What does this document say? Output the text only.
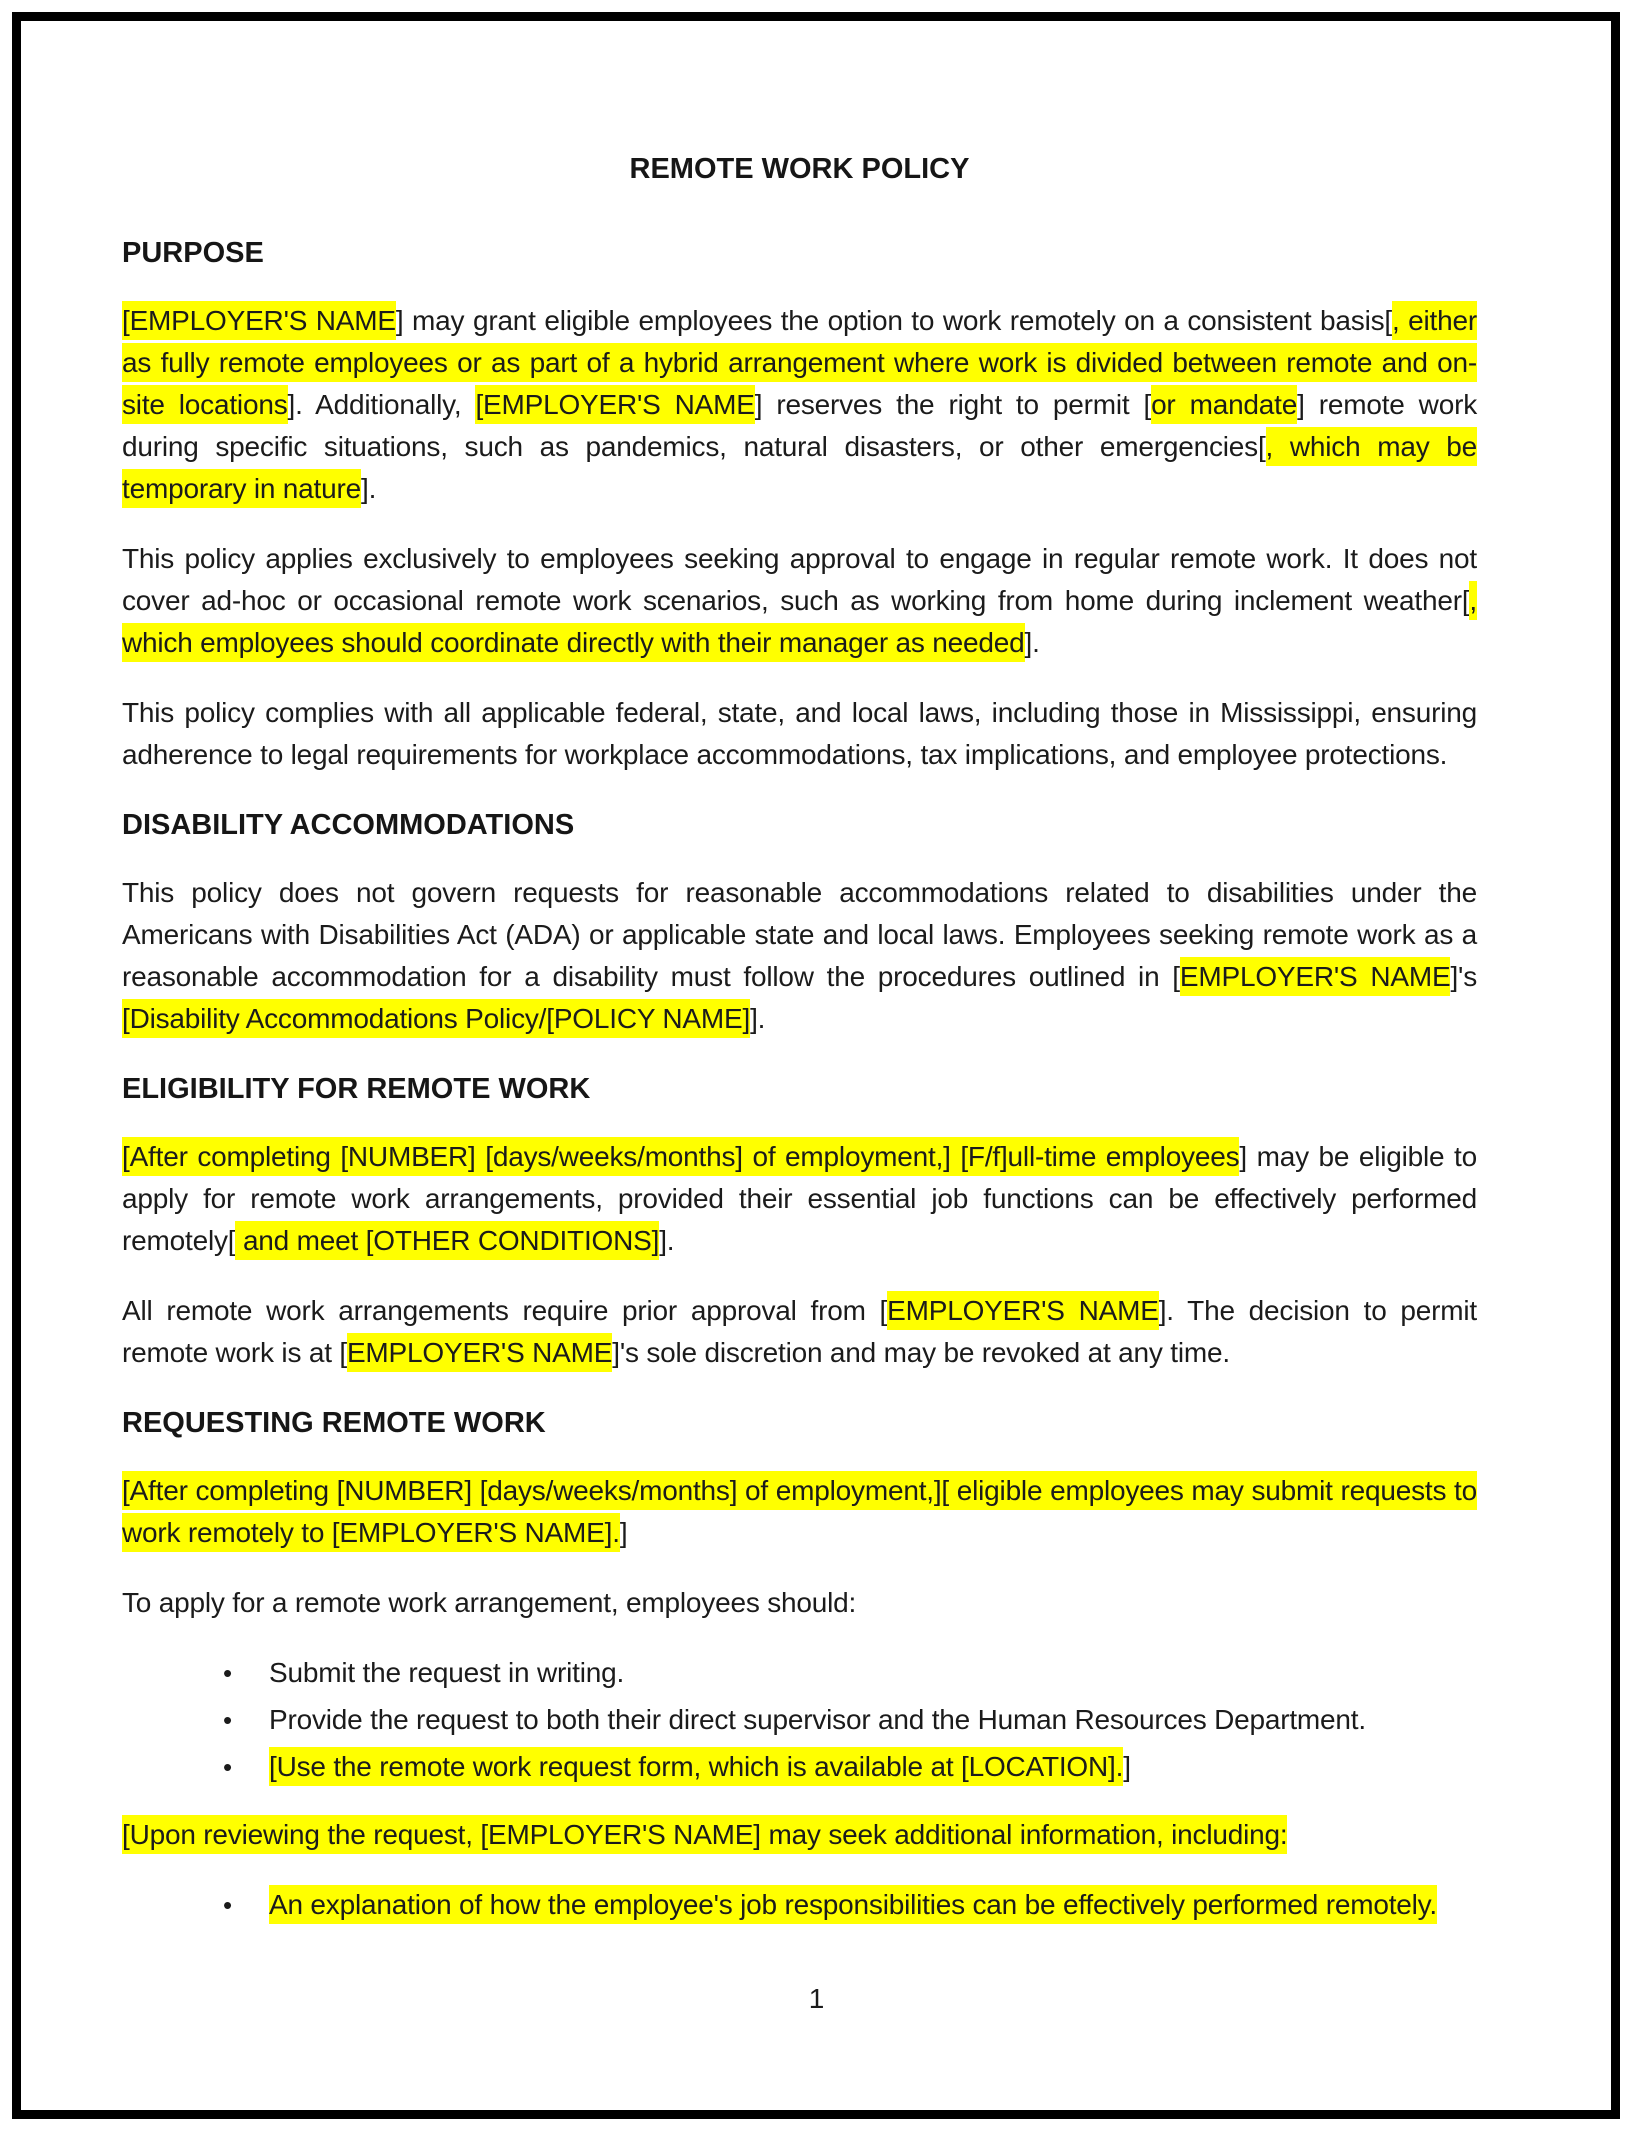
REMOTE WORK POLICY
PURPOSE
[EMPLOYER'S NAME] may grant eligible employees the option to work remotely on a consistent basis[, either as fully remote employees or as part of a hybrid arrangement where work is divided between remote and on-site locations]. Additionally, [EMPLOYER'S NAME] reserves the right to permit [or mandate] remote work during specific situations, such as pandemics, natural disasters, or other emergencies[, which may be temporary in nature].
This policy applies exclusively to employees seeking approval to engage in regular remote work. It does not cover ad-hoc or occasional remote work scenarios, such as working from home during inclement weather[, which employees should coordinate directly with their manager as needed].
This policy complies with all applicable federal, state, and local laws, including those in Mississippi, ensuring adherence to legal requirements for workplace accommodations, tax implications, and employee protections.
DISABILITY ACCOMMODATIONS
This policy does not govern requests for reasonable accommodations related to disabilities under the Americans with Disabilities Act (ADA) or applicable state and local laws. Employees seeking remote work as a reasonable accommodation for a disability must follow the procedures outlined in [EMPLOYER'S NAME]'s [Disability Accommodations Policy/[POLICY NAME]].
ELIGIBILITY FOR REMOTE WORK
[After completing [NUMBER] [days/weeks/months] of employment,] [F/f]ull-time employees] may be eligible to apply for remote work arrangements, provided their essential job functions can be effectively performed remotely[ and meet [OTHER CONDITIONS]].
All remote work arrangements require prior approval from [EMPLOYER'S NAME]. The decision to permit remote work is at [EMPLOYER'S NAME]'s sole discretion and may be revoked at any time.
REQUESTING REMOTE WORK
[After completing [NUMBER] [days/weeks/months] of employment,][ eligible employees may submit requests to work remotely to [EMPLOYER'S NAME].]
To apply for a remote work arrangement, employees should:
•	Submit the request in writing.
•	Provide the request to both their direct supervisor and the Human Resources Department.
•	[Use the remote work request form, which is available at [LOCATION].]
[Upon reviewing the request, [EMPLOYER'S NAME] may seek additional information, including:
•	An explanation of how the employee's job responsibilities can be effectively performed remotely.
1
